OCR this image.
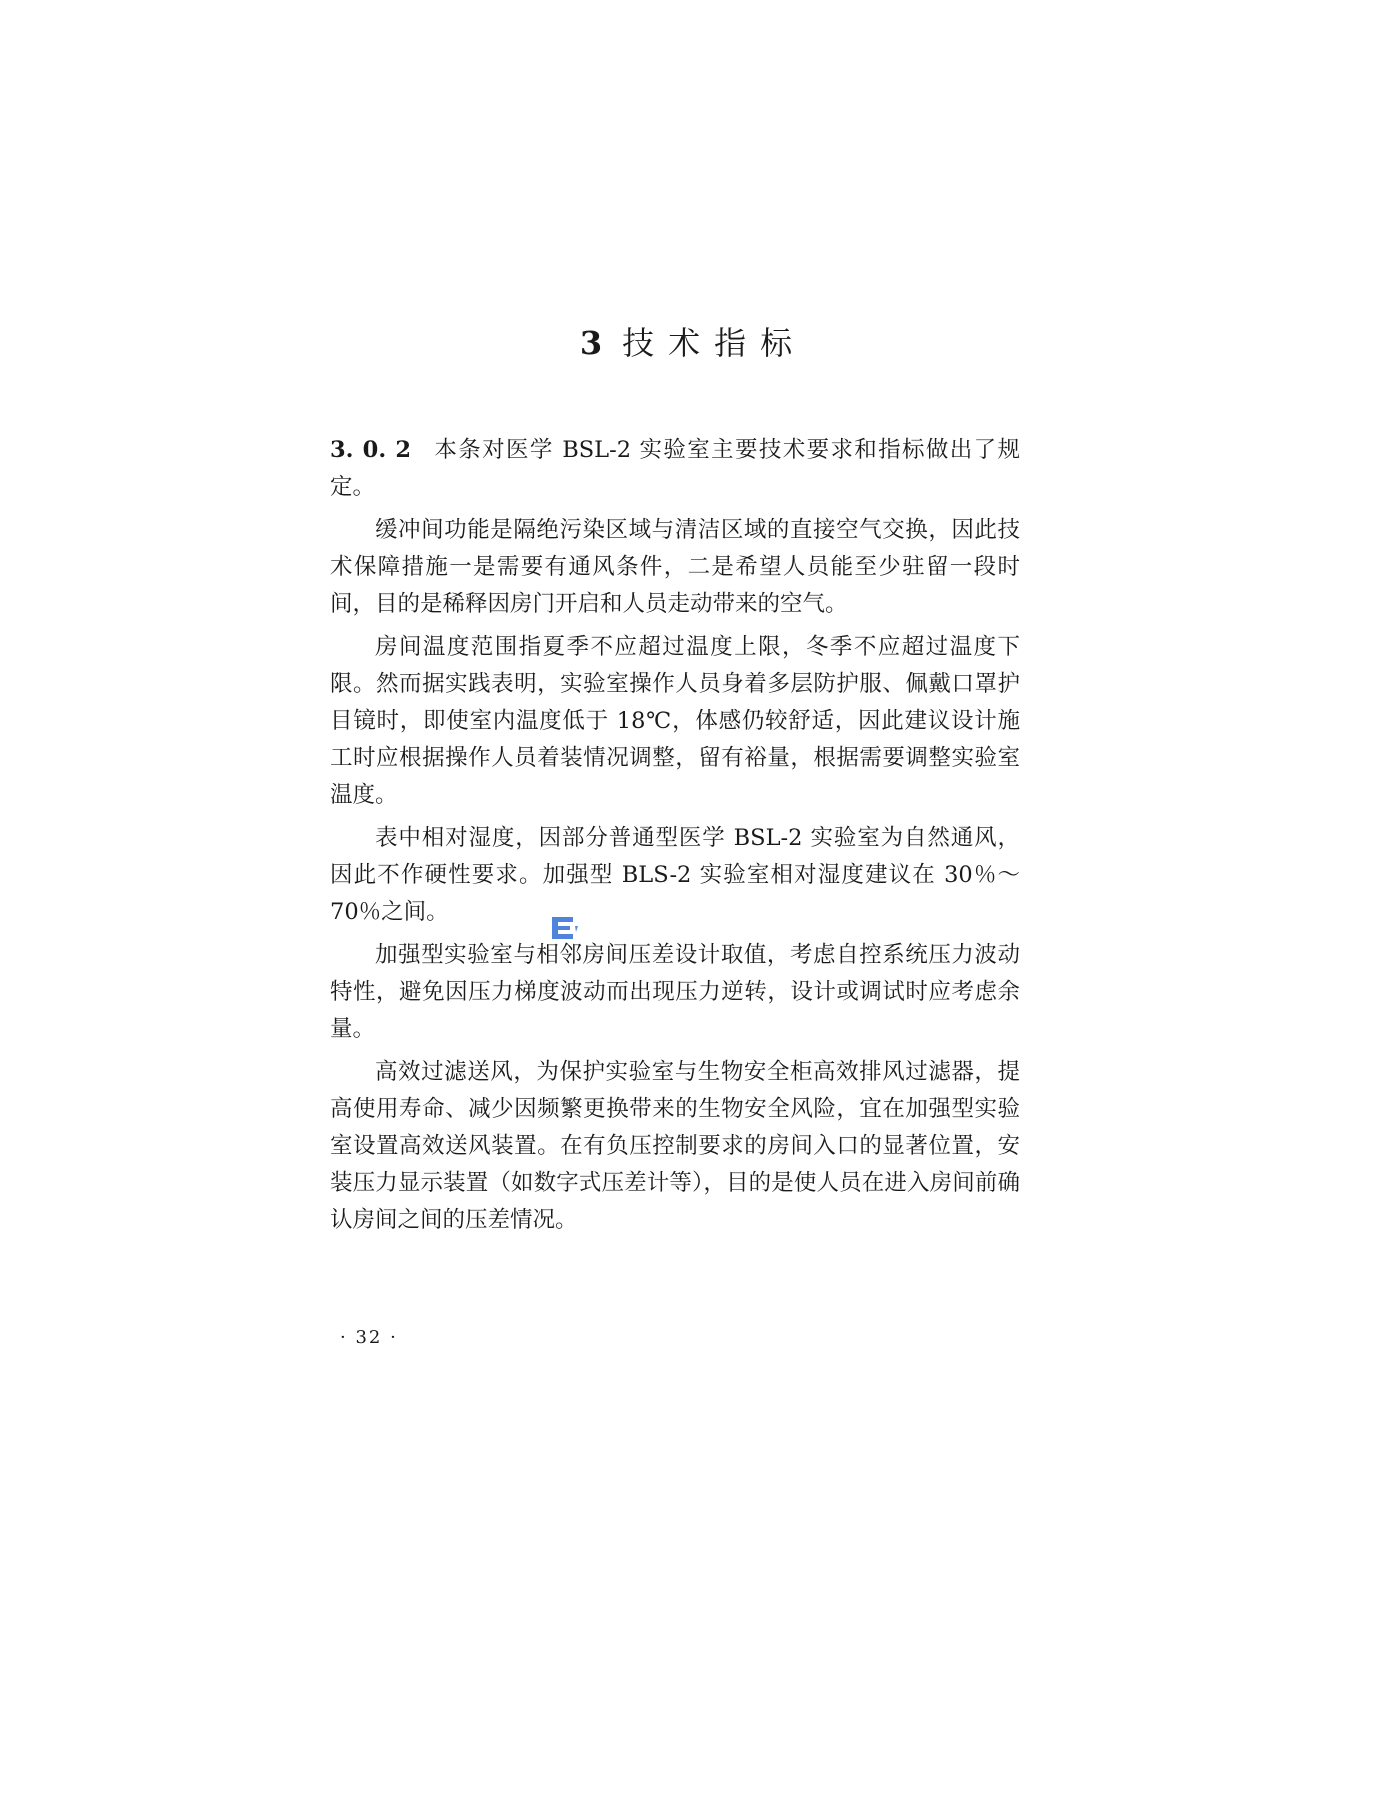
3 技术指标

3. 0. 2 本条对医学 BSL-2 实验室主要技术要求和指标做出了规定。

缓冲间功能是隔绝污染区域与清洁区域的直接空气交换，因此技术保障措施一是需要有通风条件，二是希望人员能至少驻留一段时间，目的是稀释因房门开启和人员走动带来的空气。

房间温度范围指夏季不应超过温度上限，冬季不应超过温度下限。然而据实践表明，实验室操作人员身着多层防护服、佩戴口罩护目镜时，即使室内温度低于 18℃，体感仍较舒适，因此建议设计施工时应根据操作人员着装情况调整，留有裕量，根据需要调整实验室温度。

表中相对湿度，因部分普通型医学 BSL-2 实验室为自然通风，因此不作硬性要求。加强型 BLS-2 实验室相对湿度建议在 30％～70％之间。

加强型实验室与相邻房间压差设计取值，考虑自控系统压力波动特性，避免因压力梯度波动而出现压力逆转，设计或调试时应考虑余量。

高效过滤送风，为保护实验室与生物安全柜高效排风过滤器，提高使用寿命、减少因频繁更换带来的生物安全风险，宜在加强型实验室设置高效送风装置。在有负压控制要求的房间入口的显著位置，安装压力显示装置（如数字式压差计等），目的是使人员在进入房间前确认房间之间的压差情况。

· 32 ·
